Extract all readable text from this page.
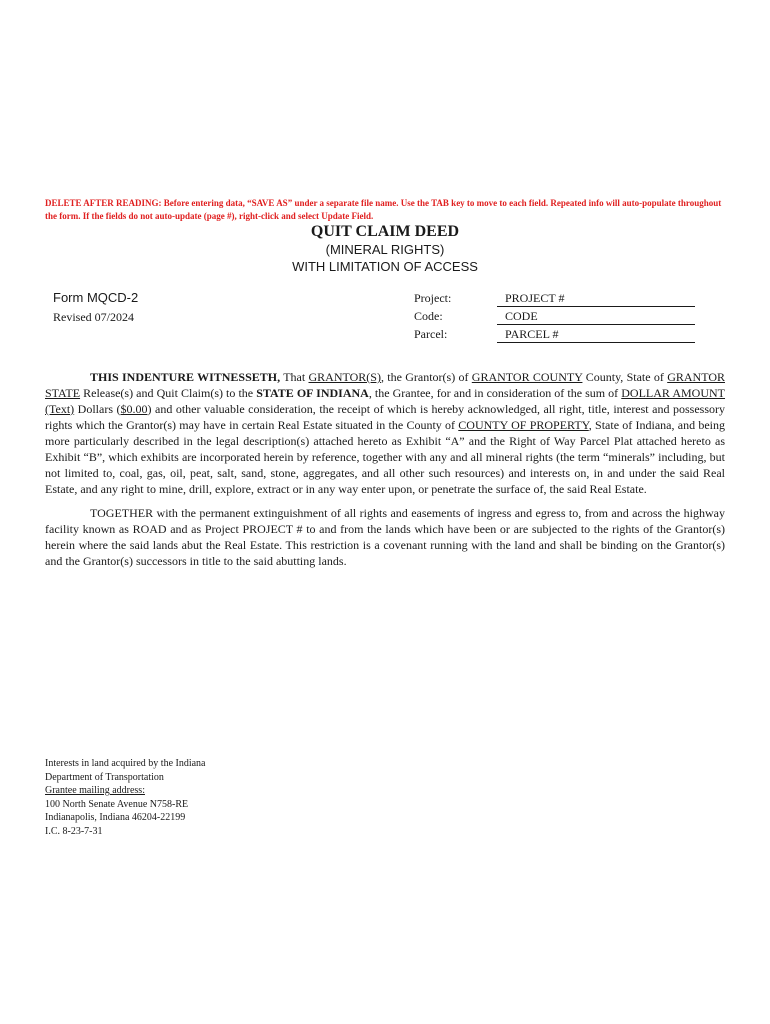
DELETE AFTER READING: Before entering data, “SAVE AS” under a separate file name. Use the TAB key to move to each field. Repeated info will auto-populate throughout the form. If the fields do not auto-update (page #), right-click and select Update Field.
QUIT CLAIM DEED
(MINERAL RIGHTS)
WITH LIMITATION OF ACCESS
Form MQCD-2
Revised 07/2024
Project:	PROJECT #
Code:	CODE
Parcel:	PARCEL #

THIS INDENTURE WITNESSETH, That GRANTOR(S), the Grantor(s) of GRANTOR COUNTY County, State of GRANTOR STATE Release(s) and Quit Claim(s) to the STATE OF INDIANA, the Grantee, for and in consideration of the sum of DOLLAR AMOUNT (Text) Dollars ($0.00) and other valuable consideration, the receipt of which is hereby acknowledged, all right, title, interest and possessory rights which the Grantor(s) may have in certain Real Estate situated in the County of COUNTY OF PROPERTY, State of Indiana, and being more particularly described in the legal description(s) attached hereto as Exhibit “A” and the Right of Way Parcel Plat attached hereto as Exhibit “B”, which exhibits are incorporated herein by reference, together with any and all mineral rights (the term “minerals” including, but not limited to, coal, gas, oil, peat, salt, sand, stone, aggregates, and all other such resources) and interests on, in and under the said Real Estate, and any right to mine, drill, explore, extract or in any way enter upon, or penetrate the surface of, the said Real Estate.

TOGETHER with the permanent extinguishment of all rights and easements of ingress and egress to, from and across the highway facility known as ROAD and as Project PROJECT # to and from the lands which have been or are subjected to the rights of the Grantor(s) herein where the said lands abut the Real Estate. This restriction is a covenant running with the land and shall be binding on the Grantor(s) and the Grantor(s) successors in title to the said abutting lands.

Interests in land acquired by the Indiana
Department of Transportation
Grantee mailing address:
100 North Senate Avenue N758-RE
Indianapolis, Indiana 46204-22199
I.C. 8-23-7-31
